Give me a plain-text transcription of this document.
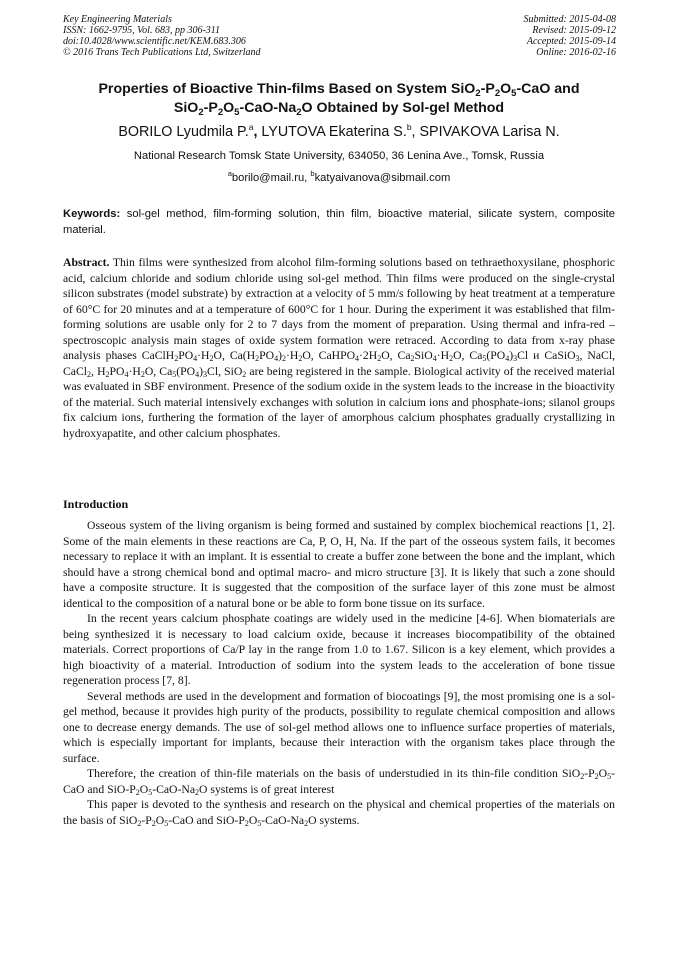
Key Engineering Materials
ISSN: 1662-9795, Vol. 683, pp 306-311
doi:10.4028/www.scientific.net/KEM.683.306
© 2016 Trans Tech Publications Ltd, Switzerland
Submitted: 2015-04-08
Revised: 2015-09-12
Accepted: 2015-09-14
Online: 2016-02-16
Properties of Bioactive Thin-films Based on System $SiO_2-P_2O_5$-CaO and
$SiO_2-P_2O_5-CaO-Na_2O$ Obtained by Sol-gel Method
BORILO Lyudmila P.$^a$, LYUTOVA Ekaterina S.$^b$, SPIVAKOVA Larisa N.
National Research Tomsk State University, 634050, 36 Lenina Ave., Tomsk, Russia
$^a$borilo@mail.ru, $^b$katyaivanova@sibmail.com
Keywords: sol-gel method, film-forming solution, thin film, bioactive material, silicate system, composite material.
Abstract. Thin films were synthesized from alcohol film-forming solutions based on tethraethoxysilane, phosphoric acid, calcium chloride and sodium chloride using sol-gel method. Thin films were produced on the single-crystal silicon substrates (model substrate) by extraction at a velocity of 5 mm/s following by heat treatment at a temperature of 60°C for 20 minutes and at a temperature of 600°C for 1 hour. During the experiment it was established that film-forming solutions are usable only for 2 to 7 days from the moment of preparation. Using thermal and infra-red – spectroscopic analysis main stages of oxide system formation were retraced. According to data from x-ray phase analysis phases $CaClH_2PO_4\cdot H_2O$, $Ca(H_2PO_4)_2\cdot H_2O$, $CaHPO_4\cdot 2H_2O$, $Ca_2SiO_4\cdot H_2O$, $Ca_5(PO_4)_3Cl$ и CaSiO$_3$, NaCl, CaCl$_2$, $H_2PO_4\cdot H_2O$, $Ca_5(PO_4)_3Cl$, SiO$_2$ are being registered in the sample. Biological activity of the received material was evaluated in SBF environment. Presence of the sodium oxide in the system leads to the increase in the bioactivity of the material. Such material intensively exchanges with solution in calcium ions and phosphate-ions; silanol groups fix calcium ions, furthering the formation of the layer of amorphous calcium phosphates gradually crystallizing in hydroxyapatite, and other calcium phosphates.
Introduction

Osseous system of the living organism is being formed and sustained by complex biochemical reactions [1, 2]. Some of the main elements in these reactions are Ca, P, O, H, Na. If the part of the osseous system fails, it becomes necessary to replace it with an implant. It is essential to create a buffer zone between the bone and the implant, which should have a strong chemical bond and optimal macro- and micro structure [3]. It is likely that such a zone should have a composite structure. It is suggested that the composition of the surface layer of this zone must be almost identical to the composition of a natural bone or be able to form bone tissue on its surface.

In the recent years calcium phosphate coatings are widely used in the medicine [4-6]. When biomaterials are being synthesized it is necessary to load calcium oxide, because it increases biocompatibility of the obtained materials. Correct proportions of Ca/P lay in the range from 1.0 to 1.67. Silicon is a key element, which provides a high bioactivity of a material. Introduction of sodium into the system leads to the acceleration of bone tissue regeneration process [7, 8].

Several methods are used in the development and formation of biocoatings [9], the most promising one is a sol-gel method, because it provides high purity of the products, possibility to regulate chemical composition and allows one to decrease energy demands. The use of sol-gel method allows one to influence surface properties of materials, which is especially important for implants, because their interaction with the organism takes place through the surface.

Therefore, the creation of thin-file materials on the basis of understudied in its thin-file condition $SiO_2-P_2O_5$-CaO and SiO-$P_2O_5-CaO-Na_2O$ systems is of great interest

This paper is devoted to the synthesis and research on the physical and chemical properties of the materials on the basis of $SiO_2-P_2O_5$-CaO and SiO-$P_2O_5-CaO-Na_2O$ systems.
